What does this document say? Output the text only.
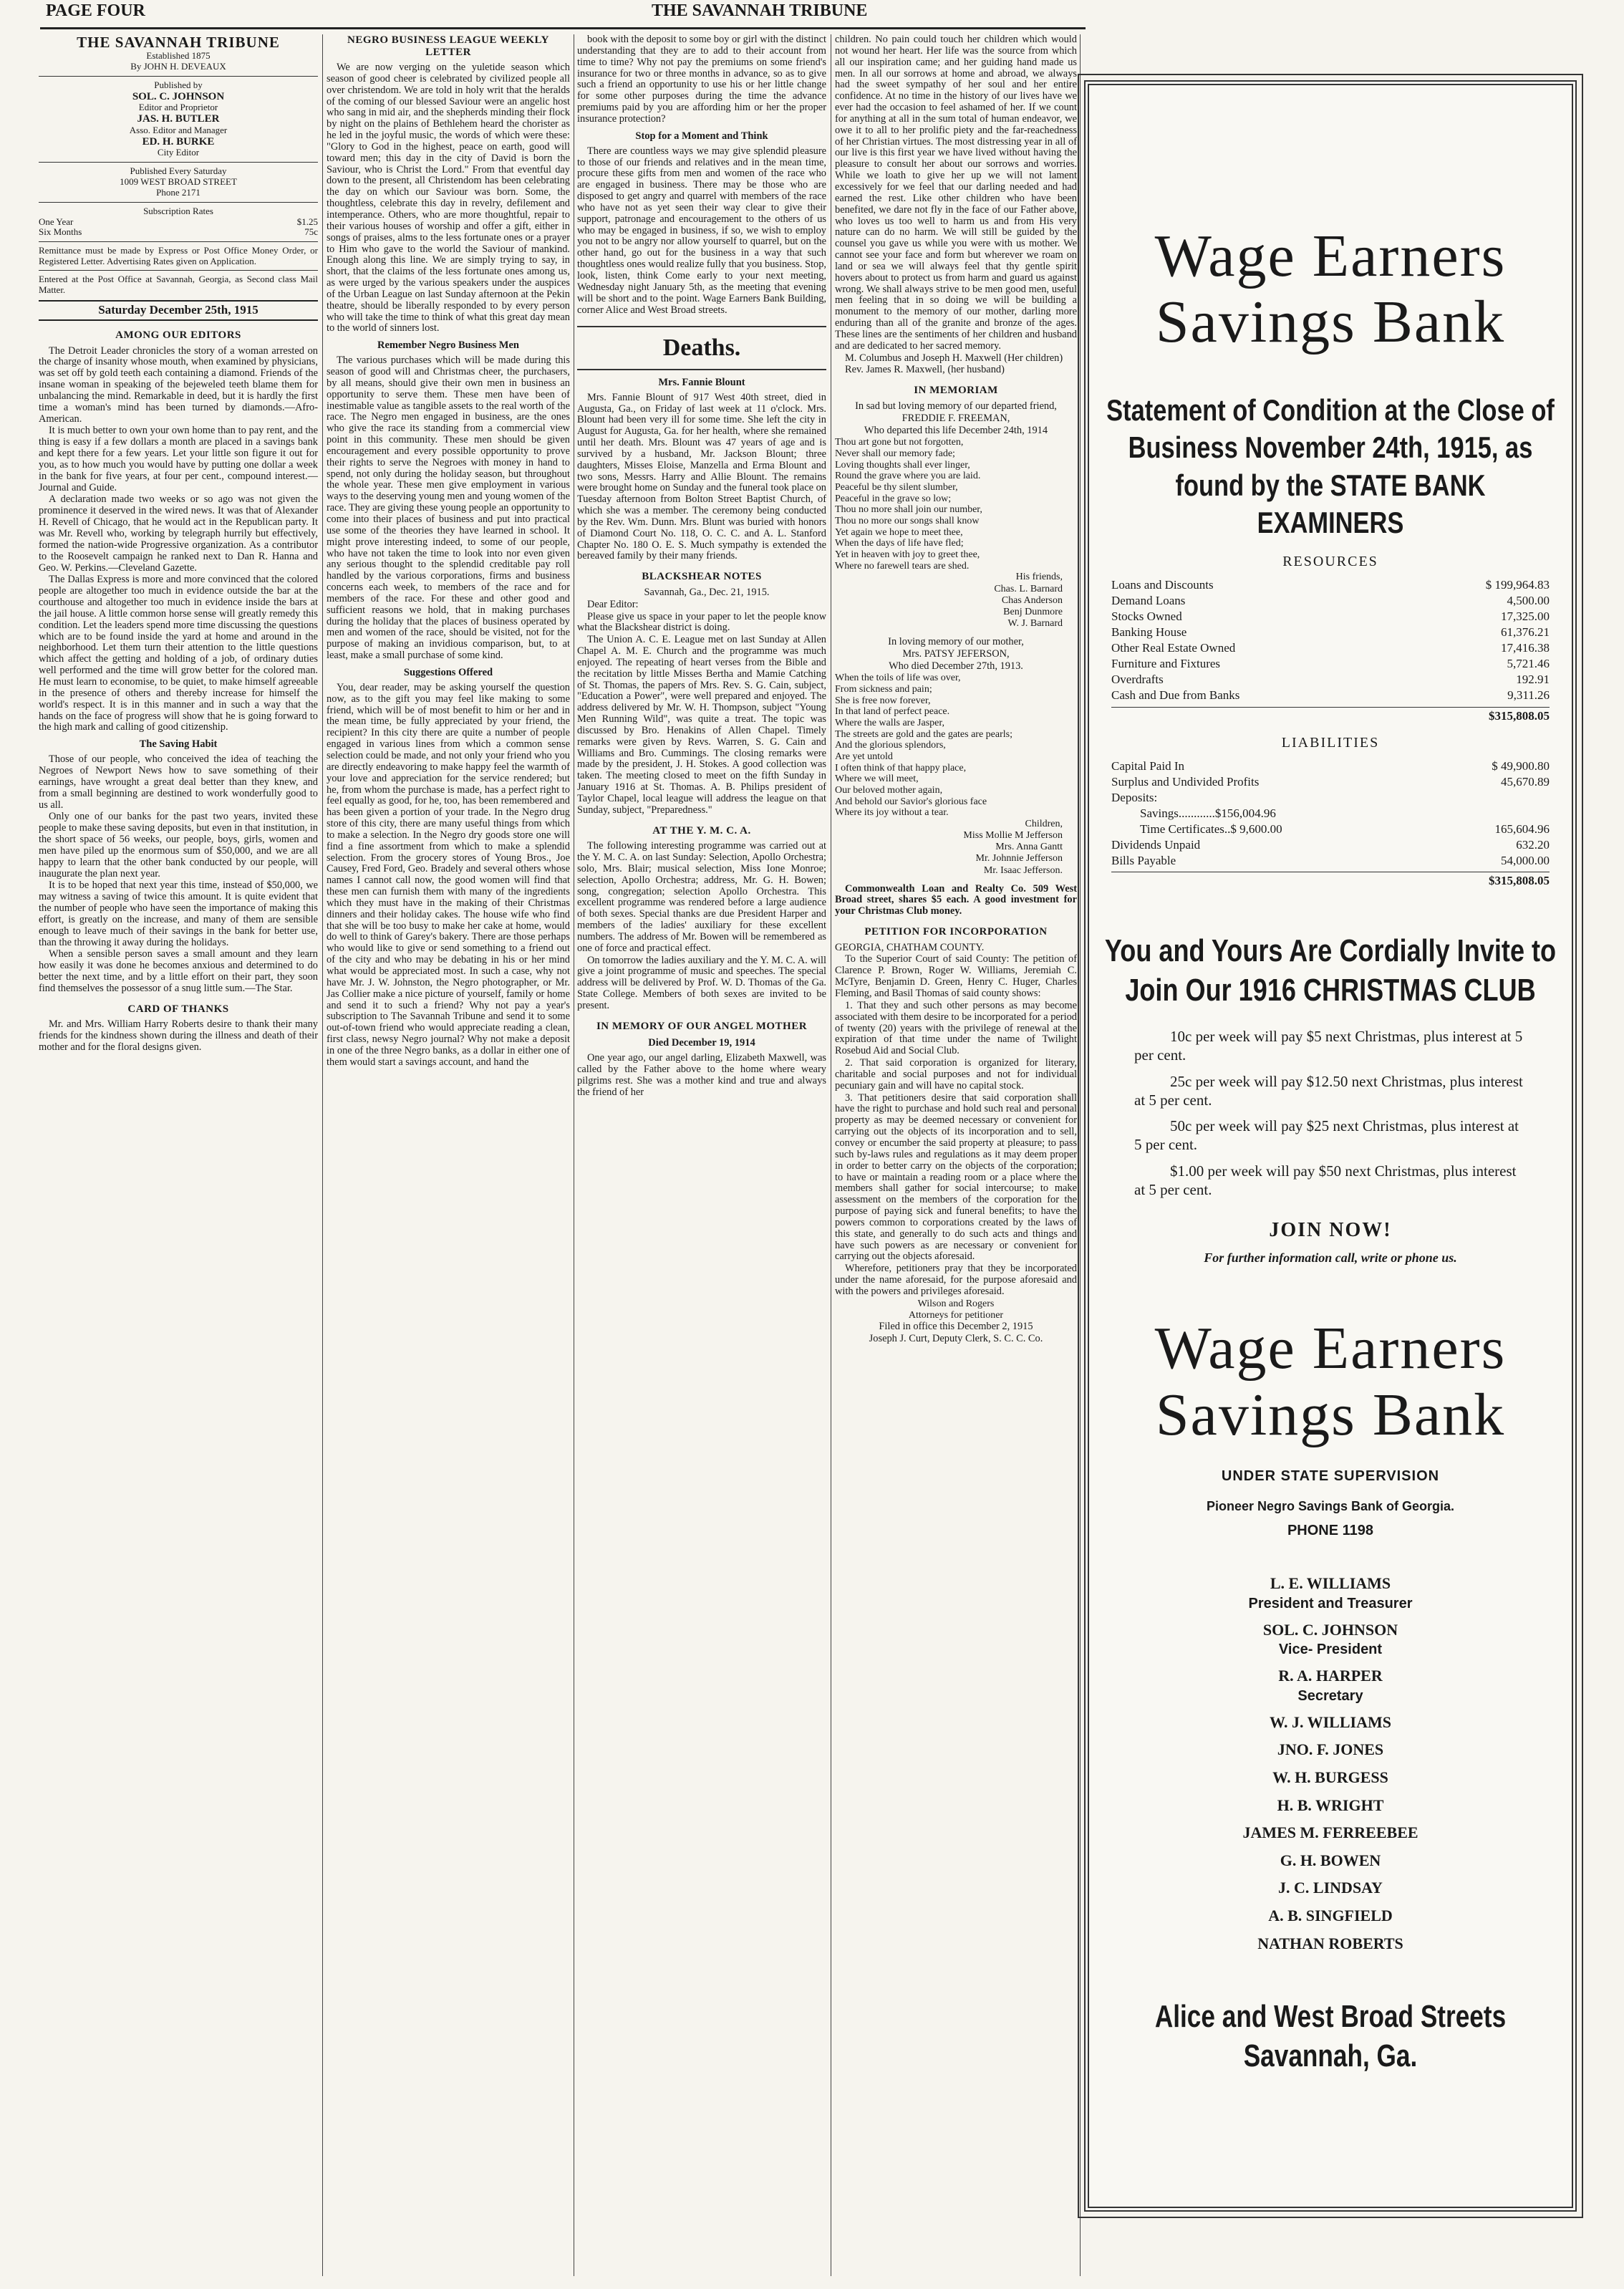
PAGE FOUR	THE SAVANNAH TRIBUNE
THE SAVANNAH TRIBUNE
Established 1875
By JOHN H. DEVEAUX
Published by
SOL. C. JOHNSON
Editor and Proprietor
JAS. H. BUTLER
Asso. Editor and Manager
ED. H. BURKE
City Editor
Published Every Saturday
1009 WEST BROAD STREET
Phone 2171
Subscription Rates
One Year	$1.25
Six Months	75c
Remittance must be made by Express or Post Office Money Order, or Registered Letter. Advertising Rates given on Application.
Entered at the Post Office at Savannah, Georgia, as Second class Mail Matter.
Saturday December 25th, 1915
AMONG OUR EDITORS

The Detroit Leader chronicles the story of a woman arrested on the charge of insanity whose mouth, when examined by physicians, was set off by gold teeth each containing a diamond. Friends of the insane woman in speaking of the bejeweled teeth blame them for unbalancing the mind. Remarkable in deed, but it is hardly the first time a woman's mind has been turned by diamonds.—Afro-American.

It is much better to own your own home than to pay rent, and the thing is easy if a few dollars a month are placed in a savings bank and kept there for a few years. Let your little son figure it out for you, as to how much you would have by putting one dollar a week in the bank for five years, at four per cent., compound interest.—Journal and Guide.

A declaration made two weeks or so ago was not given the prominence it deserved in the wired news. It was that of Alexander H. Revell of Chicago, that he would act in the Republican party. It was Mr. Revell who, working by telegraph hurrily but effectively, formed the nation-wide Progressive organization. As a contributor to the Roosevelt campaign he ranked next to Dan R. Hanna and Geo. W. Perkins.—Cleveland Gazette.

The Dallas Express is more and more convinced that the colored people are altogether too much in evidence outside the bar at the courthouse and altogether too much in evidence inside the bars at the jail house. A little common horse sense will greatly remedy this condition. Let the leaders spend more time discussing the questions which are to be found inside the yard at home and around in the neighborhood. Let them turn their attention to the little questions which affect the getting and holding of a job, of ordinary duties well performed and the time will grow better for the colored man. He must learn to economise, to be quiet, to make himself agreeable in the presence of others and thereby increase for himself the world's respect. It is in this manner and in such a way that the hands on the face of progress will show that he is going forward to the high mark and calling of good citizenship.

The Saving Habit

Those of our people, who conceived the idea of teaching the Negroes of Newport News how to save something of their earnings, have wrought a great deal better than they knew, and from a small beginning are destined to work wonderfully good to us all.

Only one of our banks for the past two years, invited these people to make these saving deposits, but even in that institution, in the short space of 56 weeks, our people, boys, girls, women and men have piled up the enormous sum of $50,000, and we are all happy to learn that the other bank conducted by our people, will inaugurate the plan next year.

It is to be hoped that next year this time, instead of $50,000, we may witness a saving of twice this amount. It is quite evident that the number of people who have seen the importance of making this effort, is greatly on the increase, and many of them are sensible enough to leave much of their savings in the bank for better use, than the throwing it away during the holidays.

When a sensible person saves a small amount and they learn how easily it was done he becomes anxious and determined to do better the next time, and by a little effort on their part, they soon find themselves the possessor of a snug little sum.—The Star.

CARD OF THANKS

Mr. and Mrs. William Harry Roberts desire to thank their many friends for the kindness shown during the illness and death of their mother and for the floral designs given.

NEGRO BUSINESS LEAGUE WEEKLY LETTER

We are now verging on the yuletide season which season of good cheer is celebrated by civilized people all over christendom. We are told in holy writ that the heralds of the coming of our blessed Saviour were an angelic host who sang in mid air, and the shepherds minding their flock by night on the plains of Bethlehem heard the chorister as he led in the joyful music, the words of which were these: "Glory to God in the highest, peace on earth, good will toward men; this day in the city of David is born the Saviour, who is Christ the Lord." From that eventful day down to the present, all Christendom has been celebrating the day on which our Saviour was born. Some, the thoughtless, celebrate this day in revelry, defilement and intemperance. Others, who are more thoughtful, repair to their various houses of worship and offer a gift, either in songs of praises, alms to the less fortunate ones or a prayer to Him who gave to the world the Saviour of mankind. Enough along this line. We are simply trying to say, in short, that the claims of the less fortunate ones among us, as were urged by the various speakers under the auspices of the Urban League on last Sunday afternoon at the Pekin theatre, should be liberally responded to by every person who will take the time to think of what this great day mean to the world of sinners lost.

Remember Negro Business Men

The various purchases which will be made during this season of good will and Christmas cheer, the purchasers, by all means, should give their own men in business an opportunity to serve them. These men have been of inestimable value as tangible assets to the real worth of the race. The Negro men engaged in business, are the ones who give the race its standing from a commercial view point in this community. These men should be given encouragement and every possible opportunity to prove their rights to serve the Negroes with money in hand to spend, not only during the holiday season, but throughout the whole year. These men give employment in various ways to the deserving young men and young women of the race. They are giving these young people an opportunity to come into their places of business and put into practical use some of the theories they have learned in school. It might prove interesting indeed, to some of our people, who have not taken the time to look into nor even given any serious thought to the splendid creditable pay roll handled by the various corporations, firms and business concerns each week, to members of the race and for members of the race. For these and other good and sufficient reasons we hold, that in making purchases during the holiday that the places of business operated by men and women of the race, should be visited, not for the purpose of making an invidious comparison, but, to at least, make a small purchase of some kind.

Suggestions Offered

You, dear reader, may be asking yourself the question now, as to the gift you may feel like making to some friend, which will be of most benefit to him or her and in the mean time, be fully appreciated by your friend, the recipient? In this city there are quite a number of people engaged in various lines from which a common sense selection could be made, and not only your friend who you are directly endeavoring to make happy feel the warmth of your love and appreciation for the service rendered; but he, from whom the purchase is made, has a perfect right to feel equally as good, for he, too, has been remembered and has been given a portion of your trade. In the Negro drug store of this city, there are many useful things from which to make a selection. In the Negro dry goods store one will find a fine assortment from which to make a splendid selection. From the grocery stores of Young Bros., Joe Causey, Fred Ford, Geo. Bradely and several others whose names I cannot call now, the good women will find that these men can furnish them with many of the ingredients which they must have in the making of their Christmas dinners and their holiday cakes. The house wife who find that she will be too busy to make her cake at home, would do well to think of Garey's bakery. There are those perhaps who would like to give or send something to a friend out of the city and who may be debating in his or her mind what would be appreciated most. In such a case, why not have Mr. J. W. Johnston, the Negro photographer, or Mr. Jas Collier make a nice picture of yourself, family or home and send it to such a friend? Why not pay a year's subscription to The Savannah Tribune and send it to some out-of-town friend who would appreciate reading a clean, first class, newsy Negro journal? Why not make a deposit in one of the three Negro banks, as a dollar in either one of them would start a savings account, and hand the

book with the deposit to some boy or girl with the distinct understanding that they are to add to their account from time to time? Why not pay the premiums on some friend's insurance for two or three months in advance, so as to give such a friend an opportunity to use his or her little change for some other purposes during the time the advance premiums paid by you are affording him or her the proper insurance protection?

Stop for a Moment and Think

There are countless ways we may give splendid pleasure to those of our friends and relatives and in the mean time, procure these gifts from men and women of the race who are engaged in business. There may be those who are disposed to get angry and quarrel with members of the race who have not as yet seen their way clear to give their support, patronage and encouragement to the others of us who may be engaged in business, if so, we wish to employ you not to be angry nor allow yourself to quarrel, but on the other hand, go out for the business in a way that such thoughtless ones would realize fully that you business. Stop, look, listen, think Come early to your next meeting, Wednesday night January 5th, as the meeting that evening will be short and to the point. Wage Earners Bank Building, corner Alice and West Broad streets.

Deaths.
Mrs. Fannie Blount

Mrs. Fannie Blount of 917 West 40th street, died in Augusta, Ga., on Friday of last week at 11 o'clock. Mrs. Blount had been very ill for some time. She left the city in August for Augusta, Ga. for her health, where she remained until her death. Mrs. Blount was 47 years of age and is survived by a husband, Mr. Jackson Blount; three daughters, Misses Eloise, Manzella and Erma Blount and two sons, Messrs. Harry and Allie Blount. The remains were brought home on Sunday and the funeral took place on Tuesday afternoon from Bolton Street Baptist Church, of which she was a member. The ceremony being conducted by the Rev. Wm. Dunn. Mrs. Blunt was buried with honors of Diamond Court No. 118, O. C. C. and A. L. Stanford Chapter No. 180 O. E. S. Much sympathy is extended the bereaved family by their many friends.

BLACKSHEAR NOTES

Savannah, Ga., Dec. 21, 1915.

Dear Editor:

Please give us space in your paper to let the people know what the Blackshear district is doing.

The Union A. C. E. League met on last Sunday at Allen Chapel A. M. E. Church and the programme was much enjoyed. The repeating of heart verses from the Bible and the recitation by little Misses Bertha and Mamie Catching of St. Thomas, the papers of Mrs. Rev. S. G. Cain, subject, "Education a Power", were well prepared and enjoyed. The address delivered by Mr. W. H. Thompson, subject "Young Men Running Wild", was quite a treat. The topic was discussed by Bro. Henakins of Allen Chapel. Timely remarks were given by Revs. Warren, S. G. Cain and Williams and Bro. Cummings. The closing remarks were made by the president, J. H. Stokes. A good collection was taken. The meeting closed to meet on the fifth Sunday in January 1916 at St. Thomas. A. B. Philips president of Taylor Chapel, local league will address the league on that Sunday, subject, "Preparedness."

AT THE Y. M. C. A.

The following interesting programme was carried out at the Y. M. C. A. on last Sunday: Selection, Apollo Orchestra; solo, Mrs. Blair; musical selection, Miss Ione Monroe; selection, Apollo Orchestra; address, Mr. G. H. Bowen; song, congregation; selection Apollo Orchestra. This excellent programme was rendered before a large audience of both sexes. Special thanks are due President Harper and members of the ladies' auxiliary for these excellent numbers. The address of Mr. Bowen will be remembered as one of force and practical effect.

On tomorrow the ladies auxiliary and the Y. M. C. A. will give a joint programme of music and speeches. The special address will be delivered by Prof. W. D. Thomas of the Ga. State College. Members of both sexes are invited to be present.

IN MEMORY OF OUR ANGEL MOTHER
Died December 19, 1914

One year ago, our angel darling, Elizabeth Maxwell, was called by the Father above to the home where weary pilgrims rest. She was a mother kind and true and always the friend of her

children. No pain could touch her children which would not wound her heart. Her life was the source from which all our inspiration came; and her guiding hand made us men. In all our sorrows at home and abroad, we always had the sweet sympathy of her soul and her entire confidence. At no time in the history of our lives have we ever had the occasion to feel ashamed of her. If we count for anything at all in the sum total of human endeavor, we owe it to all to her prolific piety and the far-reachedness of her Christian virtues. The most distressing year in all of our live is this first year we have lived without having the pleasure to consult her about our sorrows and worries. While we loath to give her up we will not lament excessively for we feel that our darling needed and had earned the rest. Like other children who have been benefited, we dare not fly in the face of our Father above, who loves us too well to harm us and from His very nature can do no harm. We will still be guided by the counsel you gave us while you were with us mother. We cannot see your face and form but wherever we roam on land or sea we will always feel that thy gentle spirit hovers about to protect us from harm and guard us against wrong. We shall always strive to be men good men, useful men feeling that in so doing we will be building a monument to the memory of our mother, darling more enduring than all of the granite and bronze of the ages. These lines are the sentiments of her children and husband and are dedicated to her sacred memory.

M. Columbus and Joseph H. Maxwell (Her children)

Rev. James R. Maxwell, (her husband)

IN MEMORIAM

In sad but loving memory of our departed friend,

FREDDIE F. FREEMAN,

Who departed this life December 24th, 1914

Thou art gone but not forgotten,

Never shall our memory fade;

Loving thoughts shall ever linger,

Round the grave where you are laid.

Peaceful be thy silent slumber,

Peaceful in the grave so low;

Thou no more shall join our number,

Thou no more our songs shall know

Yet again we hope to meet thee,

When the days of life have fled;

Yet in heaven with joy to greet thee,

Where no farewell tears are shed.

His friends,
Chas. L. Barnard
Chas Anderson
Benj Dunmore
W. J. Barnard

In loving memory of our mother,

Mrs. PATSY JEFERSON,

Who died December 27th, 1913.

When the toils of life was over,

From sickness and pain;

She is free now forever,

In that land of perfect peace.

Where the walls are Jasper,

The streets are gold and the gates are pearls;

And the glorious splendors,

Are yet untold

I often think of that happy place,

Where we will meet,

Our beloved mother again,

And behold our Savior's glorious face

Where its joy without a tear.

Children,
Miss Mollie M Jefferson
Mrs. Anna Gantt
Mr. Johnnie Jefferson
Mr. Isaac Jefferson.

Commonwealth Loan and Realty Co. 509 West Broad street, shares $5 each. A good investment for your Christmas Club money.

PETITION FOR INCORPORATION

GEORGIA, CHATHAM COUNTY.

To the Superior Court of said County: The petition of Clarence P. Brown, Roger W. Williams, Jeremiah C. McTyre, Benjamin D. Green, Henry C. Huger, Charles Fleming, and Basil Thomas of said county shows:

1. That they and such other persons as may become associated with them desire to be incorporated for a period of twenty (20) years with the privilege of renewal at the expiration of that time under the name of Twilight Rosebud Aid and Social Club.

2. That said corporation is organized for literary, charitable and social purposes and not for individual pecuniary gain and will have no capital stock.

3. That petitioners desire that said corporation shall have the right to purchase and hold such real and personal property as may be deemed necessary or convenient for carrying out the objects of its incorporation and to sell, convey or encumber the said property at pleasure; to pass such by-laws rules and regulations as it may deem proper in order to better carry on the objects of the corporation; to have or maintain a reading room or a place where the members shall gather for social intercourse; to make assessment on the members of the corporation for the purpose of paying sick and funeral benefits; to have the powers common to corporations created by the laws of this state, and generally to do such acts and things and have such powers as are necessary or convenient for carrying out the objects aforesaid.

Wherefore, petitioners pray that they be incorporated under the name aforesaid, for the purpose aforesaid and with the powers and privileges aforesaid.

Wilson and Rogers
Attorneys for petitioner

Filed in office this December 2, 1915

Joseph J. Curt, Deputy Clerk, S. C. C. Co.

Wage Earners
Savings Bank
Statement of Condition at the Close of Business November 24th, 1915, as found by the STATE BANK EXAMINERS
RESOURCES
Loans and Discounts	$ 199,964.83
Demand Loans	4,500.00
Stocks Owned	17,325.00
Banking House	61,376.21
Other Real Estate Owned	17,416.38
Furniture and Fixtures	5,721.46
Overdrafts	192.91
Cash and Due from Banks	9,311.26
$315,808.05
LIABILITIES
Capital Paid In	$ 49,900.80
Surplus and Undivided Profits	45,670.89
Deposits:
Savings............$156,004.96
Time Certificates..$ 9,600.00	165,604.96
Dividends Unpaid	632.20
Bills Payable	54,000.00
$315,808.05
You and Yours Are Cordially Invite to Join Our 1916 CHRISTMAS CLUB

10c per week will pay $5 next Christmas, plus interest at 5 per cent.

25c per week will pay $12.50 next Christmas, plus interest at 5 per cent.

50c per week will pay $25 next Christmas, plus interest at 5 per cent.

$1.00 per week will pay $50 next Christmas, plus interest at 5 per cent.

JOIN NOW!
For further information call, write or phone us.
Wage Earners
Savings Bank
UNDER STATE SUPERVISION
Pioneer Negro Savings Bank of Georgia.
PHONE 1198
L. E. WILLIAMS
President and Treasurer
SOL. C. JOHNSON
Vice- President
R. A. HARPER
Secretary
W. J. WILLIAMS
JNO. F. JONES
W. H. BURGESS
H. B. WRIGHT
JAMES M. FERREEBEE
G. H. BOWEN
J. C. LINDSAY
A. B. SINGFIELD
NATHAN ROBERTS
Alice and West Broad Streets Savannah, Ga.
